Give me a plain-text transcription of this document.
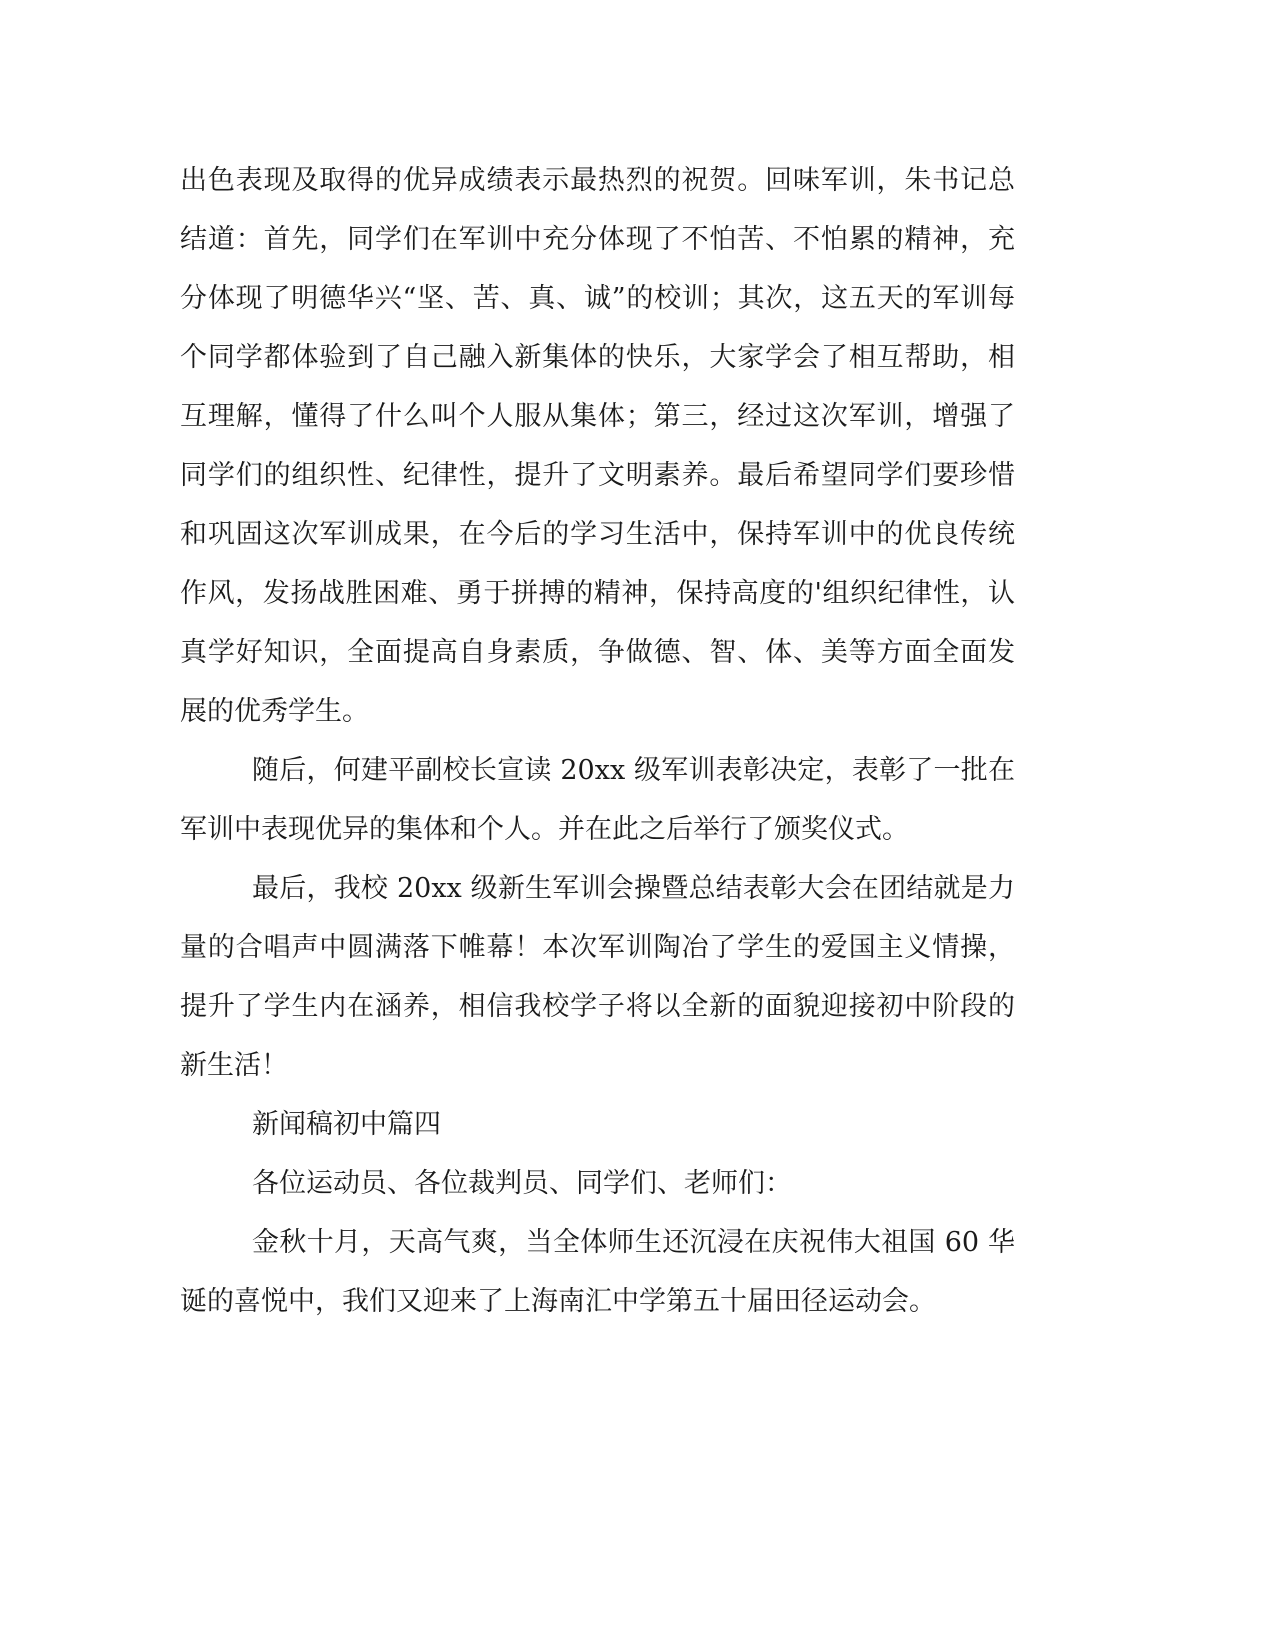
出色表现及取得的优异成绩表示最热烈的祝贺。回味军训，朱书记总
结道：首先，同学们在军训中充分体现了不怕苦、不怕累的精神，充
分体现了明德华兴“坚、苦、真、诚”的校训；其次，这五天的军训每
个同学都体验到了自己融入新集体的快乐，大家学会了相互帮助，相
互理解，懂得了什么叫个人服从集体；第三，经过这次军训，增强了
同学们的组织性、纪律性，提升了文明素养。最后希望同学们要珍惜
和巩固这次军训成果，在今后的学习生活中，保持军训中的优良传统
作风，发扬战胜困难、勇于拼搏的精神，保持高度的'组织纪律性，认
真学好知识，全面提高自身素质，争做德、智、体、美等方面全面发
展的优秀学生。
随后，何建平副校长宣读 20xx 级军训表彰决定，表彰了一批在
军训中表现优异的集体和个人。并在此之后举行了颁奖仪式。
最后，我校 20xx 级新生军训会操暨总结表彰大会在团结就是力
量的合唱声中圆满落下帷幕！本次军训陶冶了学生的爱国主义情操，
提升了学生内在涵养，相信我校学子将以全新的面貌迎接初中阶段的
新生活！
新闻稿初中篇四
各位运动员、各位裁判员、同学们、老师们：
金秋十月，天高气爽，当全体师生还沉浸在庆祝伟大祖国 60 华
诞的喜悦中，我们又迎来了上海南汇中学第五十届田径运动会。
